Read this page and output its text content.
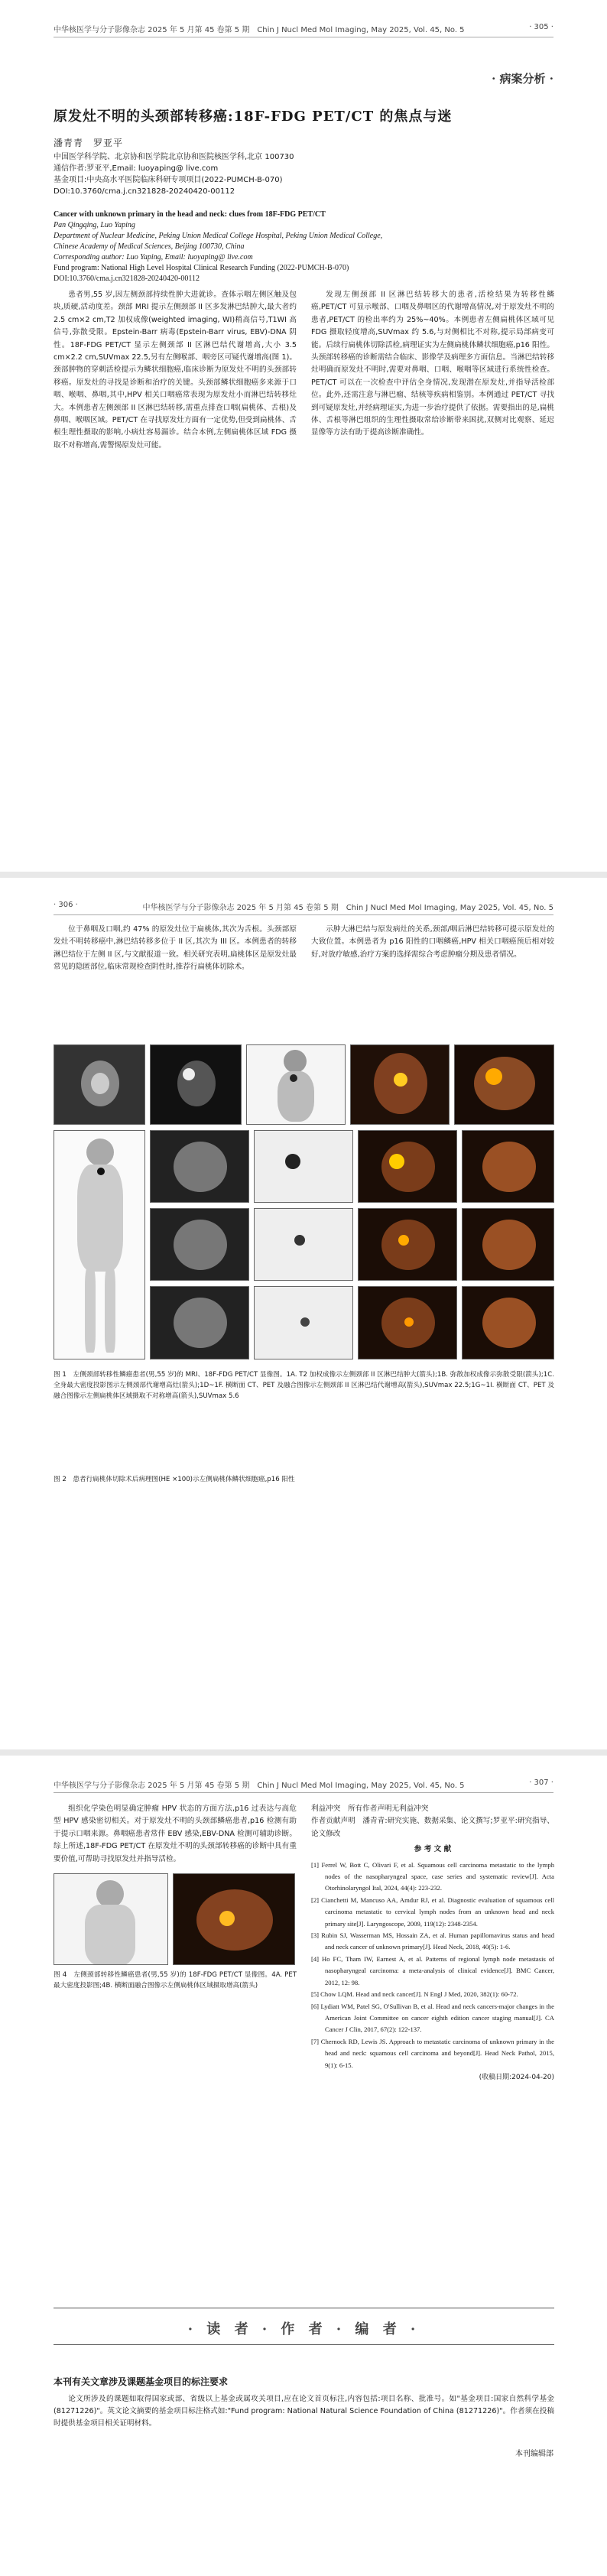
中华核医学与分子影像杂志 2025 年 5 月第 45 卷第 5 期　Chin J Nucl Med Mol Imaging, May 2025, Vol. 45, No. 5	· 305 ·
· 病案分析 ·
原发灶不明的头颈部转移癌:18F-FDG PET/CT 的焦点与迷
潘青青　罗亚平
中国医学科学院、北京协和医学院北京协和医院核医学科,北京 100730
通信作者:罗亚平,Email: luoyaping@ live.com
基金项目:中央高水平医院临床科研专项项目(2022-PUMCH-B-070)
DOI:10.3760/cma.j.cn321828-20240420-00112
Cancer with unknown primary in the head and neck: clues from 18F-FDG PET/CT
Pan Qingqing, Luo Yaping
Department of Nuclear Medicine, Peking Union Medical College Hospital, Peking Union Medical College,
Chinese Academy of Medical Sciences, Beijing 100730, China
Corresponding author: Luo Yaping, Email: luoyaping@ live.com
Fund program: National High Level Hospital Clinical Research Funding (2022-PUMCH-B-070)
DOI:10.3760/cma.j.cn321828-20240420-00112

患者男,55 岁,因左侧颈部持续性肿大进就诊。查体示咽左侧区触及包块,质硬,活动度差。颈部 MRI 提示左侧颈部 II 区多发淋巴结肿大,最大者约 2.5 cm×2 cm,T2 加权成像(weighted imaging, WI)稍高信号,T1WI 高信号,弥散受限。Epstein-Barr 病毒(Epstein-Barr virus, EBV)-DNA 阴性。18F-FDG PET/CT 显示左侧颈部 II 区淋巴结代谢增高,大小 3.5 cm×2.2 cm,SUVmax 22.5,另有左侧喉部、咽旁区可疑代谢增高(图 1)。颈部肿物的穿刺活检提示为鳞状细胞癌,临床诊断为原发灶不明的头颈部转移癌。原发灶的寻找是诊断和治疗的关键。头颈部鳞状细胞癌多来源于口咽、喉咽、鼻咽,其中,HPV 相关口咽癌常表现为原发灶小而淋巴结转移灶大。本例患者左侧颈部 II 区淋巴结转移,需重点排查口咽(扁桃体、舌根)及鼻咽、喉咽区域。PET/CT 在寻找原发灶方面有一定优势,但受到扁桃体、舌根生理性摄取的影响,小病灶容易漏诊。结合本例,左侧扁桃体区域 FDG 摄取不对称增高,需警惕原发灶可能。

发现左侧颈部 II 区淋巴结转移大的患者,活检结果为转移性鳞癌,PET/CT 可显示喉部、口咽及鼻咽区的代谢增高情况,对于原发灶不明的患者,PET/CT 的检出率约为 25%~40%。本例患者左侧扁桃体区域可见 FDG 摄取轻度增高,SUVmax 约 5.6,与对侧相比不对称,提示局部病变可能。后续行扁桃体切除活检,病理证实为左侧扁桃体鳞状细胞癌,p16 阳性。头颈部转移癌的诊断需结合临床、影像学及病理多方面信息。当淋巴结转移灶明确而原发灶不明时,需要对鼻咽、口咽、喉咽等区域进行系统性检查。PET/CT 可以在一次检查中评估全身情况,发现潜在原发灶,并指导活检部位。此外,还需注意与淋巴瘤、结核等疾病相鉴别。本例通过 PET/CT 寻找到可疑原发灶,并经病理证实,为进一步治疗提供了依据。需要指出的是,扁桃体、舌根等淋巴组织的生理性摄取常给诊断带来困扰,双侧对比观察、延迟显像等方法有助于提高诊断准确性。

· 306 ·	中华核医学与分子影像杂志 2025 年 5 月第 45 卷第 5 期　Chin J Nucl Med Mol Imaging, May 2025, Vol. 45, No. 5

位于鼻咽及口咽,约 47% 的原发灶位于扁桃体,其次为舌根。头颈部原发灶不明转移癌中,淋巴结转移多位于 II 区,其次为 III 区。本例患者的转移淋巴结位于左侧 II 区,与文献报道一致。相关研究表明,扁桃体区是原发灶最常见的隐匿部位,临床常规检查阴性时,推荐行扁桃体切除术。

示肿大淋巴结与原发病灶的关系,颈部/咽后淋巴结转移可提示原发灶的大致位置。本例患者为 p16 阳性的口咽鳞癌,HPV 相关口咽癌预后相对较好,对放疗敏感,治疗方案的选择需综合考虑肿瘤分期及患者情况。

图 1　左侧颈部转移性鳞癌患者(男,55 岁)的 MRI、18F-FDG PET/CT 显像图。1A. T2 加权成像示左侧颈部 II 区淋巴结肿大(箭头);1B. 弥散加权成像示弥散受限(箭头);1C. 全身最大密度投影图示左侧颈部代谢增高灶(箭头);1D~1F. 横断面 CT、PET 及融合图像示左侧颈部 II 区淋巴结代谢增高(箭头),SUVmax 22.5;1G~1I. 横断面 CT、PET 及融合图像示左侧扁桃体区域摄取不对称增高(箭头),SUVmax 5.6
图 2　患者行扁桃体切除术后病理图(HE ×100)示左侧扁桃体鳞状细胞癌,p16 阳性
中华核医学与分子影像杂志 2025 年 5 月第 45 卷第 5 期　Chin J Nucl Med Mol Imaging, May 2025, Vol. 45, No. 5	· 307 ·

组织化学染色明显确定肿瘤 HPV 状态的方面方法,p16 过表达与高危型 HPV 感染密切相关。对于原发灶不明的头颈部鳞癌患者,p16 检测有助于提示口咽来源。鼻咽癌患者常伴 EBV 感染,EBV-DNA 检测可辅助诊断。综上所述,18F-FDG PET/CT 在原发灶不明的头颈部转移癌的诊断中具有重要价值,可帮助寻找原发灶并指导活检。

图 4　左侧颈部转移性鳞癌患者(男,55 岁)的 18F-FDG PET/CT 显像图。4A. PET 最大密度投影图;4B. 横断面融合图像示左侧扁桃体区域摄取增高(箭头)

利益冲突　所有作者声明无利益冲突

作者贡献声明　潘青青:研究实施、数据采集、论文撰写;罗亚平:研究指导、论文修改

参 考 文 献

[1] Ferrel W, Bott C, Olivari F, et al. Squamous cell carcinoma metastatic to the lymph nodes of the nasopharyngeal space, case series and systematic review[J]. Acta Otorhinolaryngol Ital, 2024, 44(4): 223-232.
[2] Cianchetti M, Mancuso AA, Amdur RJ, et al. Diagnostic evaluation of squamous cell carcinoma metastatic to cervical lymph nodes from an unknown head and neck primary site[J]. Laryngoscope, 2009, 119(12): 2348-2354.
[3] Rubin SJ, Wasserman MS, Hossain ZA, et al. Human papillomavirus status and head and neck cancer of unknown primary[J]. Head Neck, 2018, 40(5): 1-6.
[4] Ho FC, Tham IW, Earnest A, et al. Patterns of regional lymph node metastasis of nasopharyngeal carcinoma: a meta-analysis of clinical evidence[J]. BMC Cancer, 2012, 12: 98.
[5] Chow LQM. Head and neck cancer[J]. N Engl J Med, 2020, 382(1): 60-72.
[6] Lydiatt WM, Patel SG, O'Sullivan B, et al. Head and neck cancers-major changes in the American Joint Committee on cancer eighth edition cancer staging manual[J]. CA Cancer J Clin, 2017, 67(2): 122-137.
[7] Chernock RD, Lewis JS. Approach to metastatic carcinoma of unknown primary in the head and neck: squamous cell carcinoma and beyond[J]. Head Neck Pathol, 2015, 9(1): 6-15.

(收稿日期:2024-04-20)

· 读 者 · 作 者 · 编 者 ·
本刊有关文章涉及课题基金项目的标注要求
论文所涉及的课题如取得国家或部、省级以上基金或属攻关项目,应在论文首页标注,内容包括:项目名称、批准号。如"基金项目:国家自然科学基金(81271226)"。英文论文摘要的基金项目标注格式如:"Fund program: National Natural Science Foundation of China (81271226)"。作者须在投稿时提供基金项目相关证明材料。
本刊编辑部
